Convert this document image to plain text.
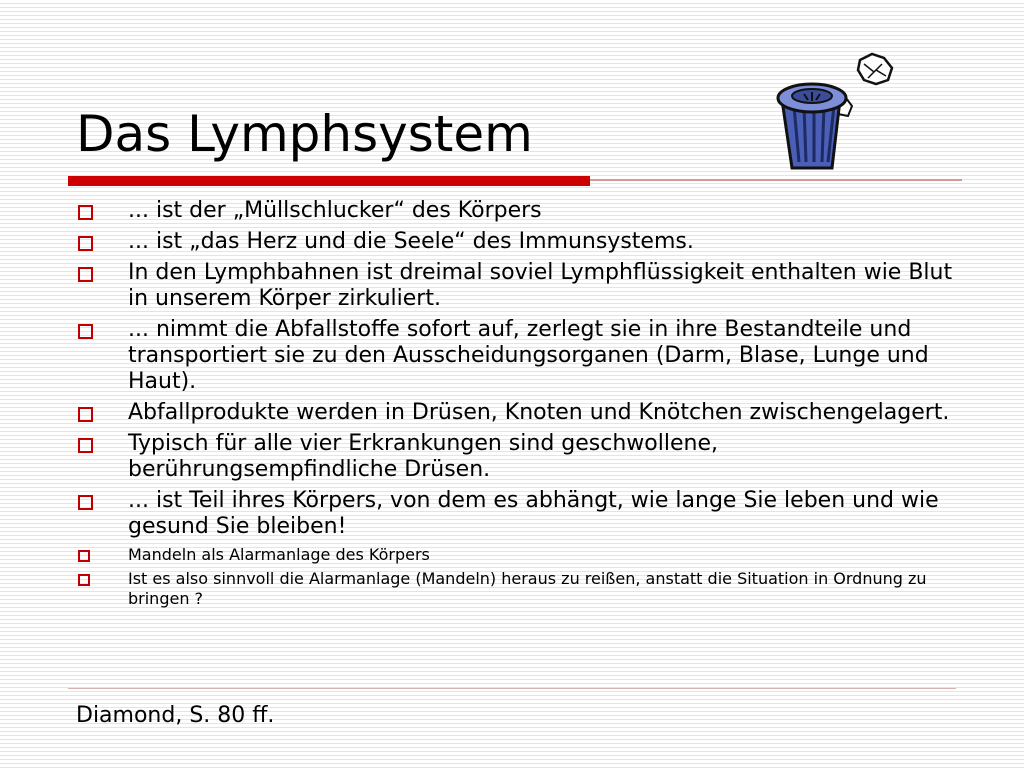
Das Lymphsystem
... ist der „Müllschlucker“ des Körpers
... ist „das Herz und die Seele“ des Immunsystems.
In den Lymphbahnen ist dreimal soviel Lymphflüssigkeit enthalten wie Blut in unserem Körper zirkuliert.
... nimmt die Abfallstoffe sofort auf, zerlegt sie in ihre Bestandteile und transportiert sie zu den Ausscheidungsorganen (Darm, Blase, Lunge und Haut).
Abfallprodukte werden in Drüsen, Knoten und Knötchen zwischengelagert.
Typisch für alle vier Erkrankungen sind geschwollene, berührungsempfindliche Drüsen.
... ist Teil ihres Körpers, von dem es abhängt, wie lange Sie leben und wie gesund Sie bleiben!
Mandeln als Alarmanlage des Körpers
Ist es also sinnvoll die Alarmanlage (Mandeln) heraus zu reißen, anstatt die Situation in Ordnung zu bringen ?
Diamond, S. 80 ff.
